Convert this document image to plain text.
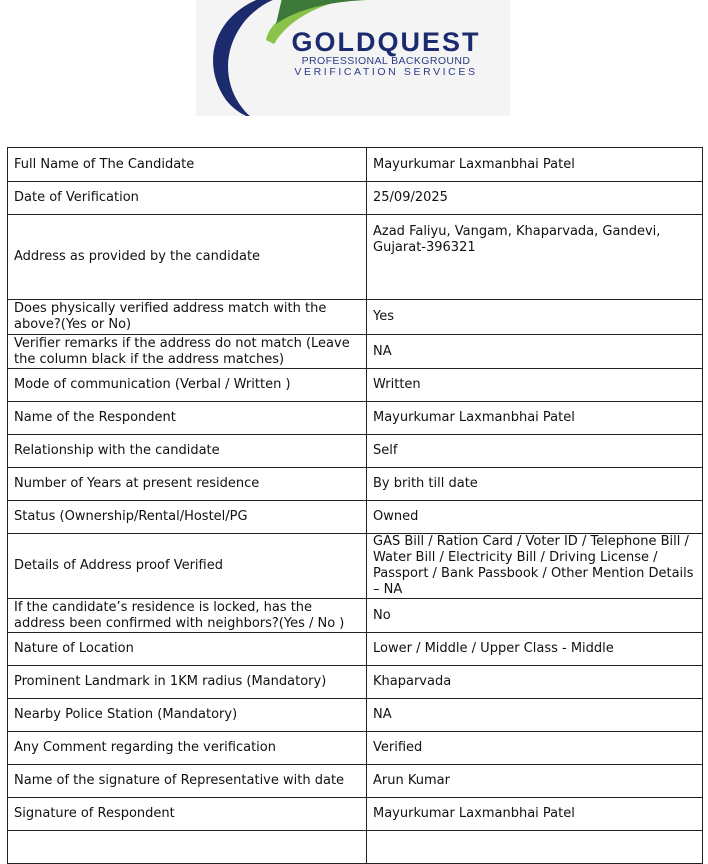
GOLDQUEST
PROFESSIONAL BACKGROUND
VERIFICATION SERVICES
Full Name of The Candidate	Mayurkumar Laxmanbhai Patel
Date of Verification	25/09/2025
Address as provided by the candidate	Azad Faliyu, Vangam, Khaparvada, Gandevi, Gujarat-396321
Does physically verified address match with the above?(Yes or No)	Yes
Verifier remarks if the address do not match (Leave the column black if the address matches)	NA
Mode of communication (Verbal / Written )	Written
Name of the Respondent	Mayurkumar Laxmanbhai Patel
Relationship with the candidate	Self
Number of Years at present residence	By brith till date
Status (Ownership/Rental/Hostel/PG	Owned
Details of Address proof Verified	GAS Bill / Ration Card / Voter ID / Telephone Bill / Water Bill / Electricity Bill / Driving License / Passport / Bank Passbook / Other Mention Details – NA
If the candidate’s residence is locked, has the address been confirmed with neighbors?(Yes / No )	No
Nature of Location	Lower / Middle / Upper Class - Middle
Prominent Landmark in 1KM radius (Mandatory)	Khaparvada
Nearby Police Station (Mandatory)	NA
Any Comment regarding the verification	Verified
Name of the signature of Representative with date	Arun Kumar
Signature of Respondent	Mayurkumar Laxmanbhai Patel
